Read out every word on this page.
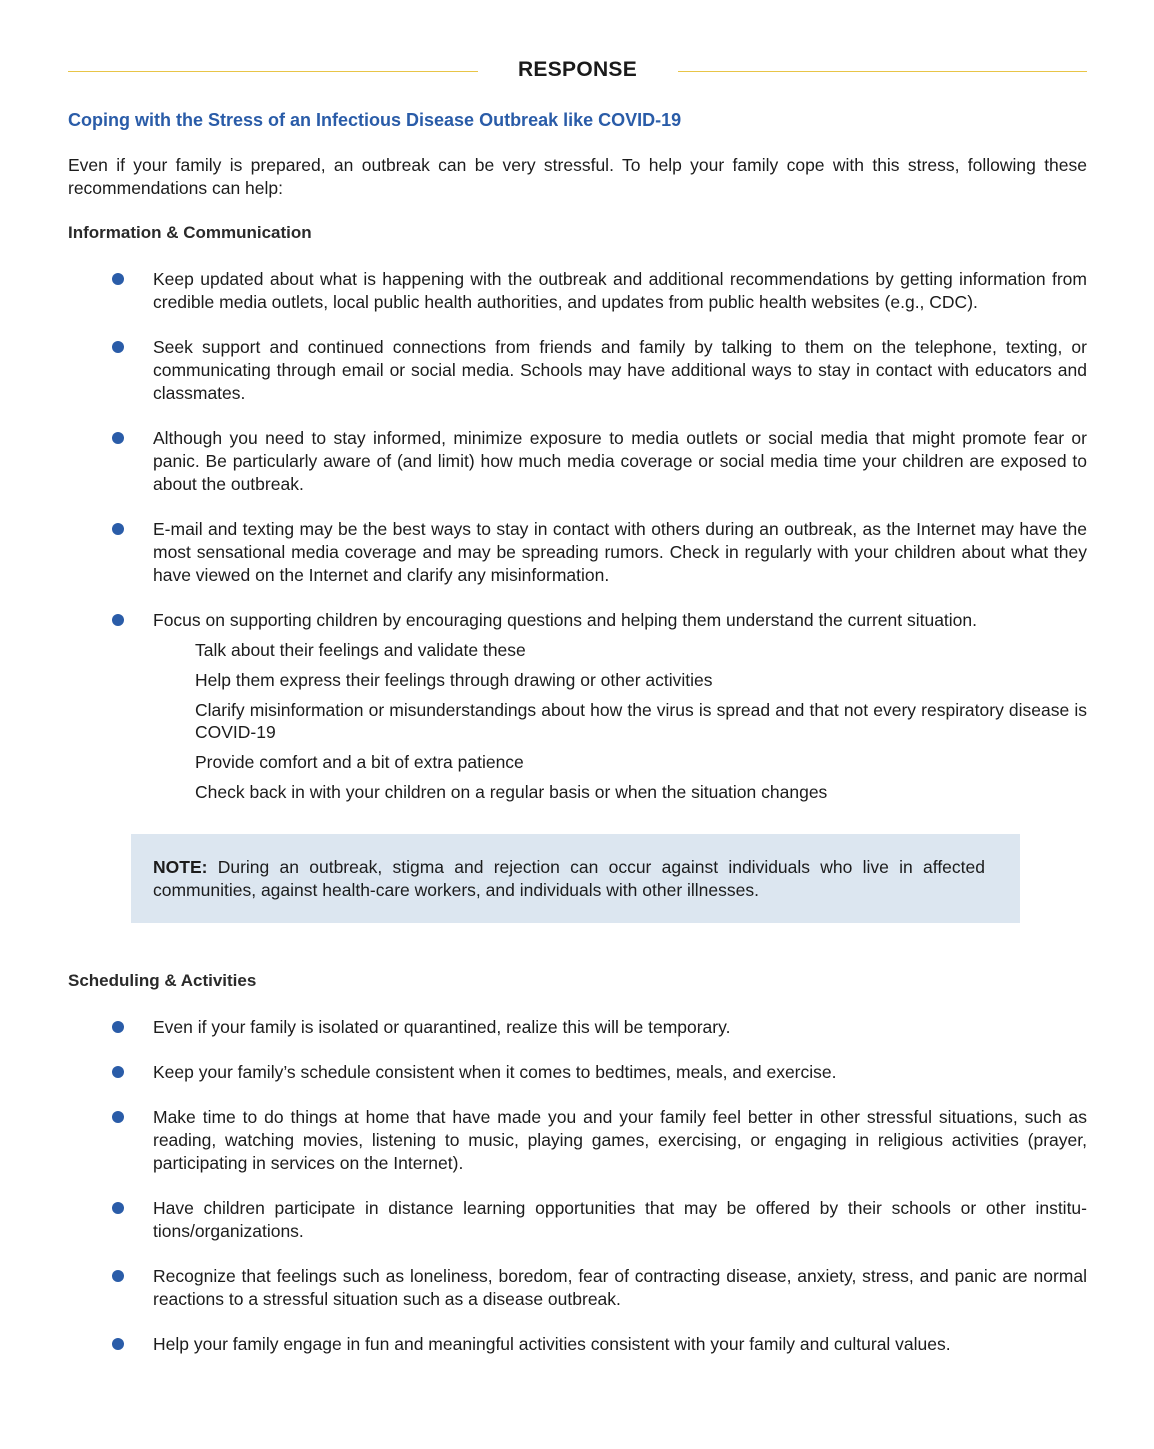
RESPONSE
Coping with the Stress of an Infectious Disease Outbreak like COVID-19
Even if your family is prepared, an outbreak can be very stressful. To help your family cope with this stress, following these recommendations can help:
Information & Communication
Keep updated about what is happening with the outbreak and additional recommendations by getting information from credible media outlets, local public health authorities, and updates from public health websites (e.g., CDC).
Seek support and continued connections from friends and family by talking to them on the telephone, texting, or communicating through email or social media. Schools may have additional ways to stay in contact with educators and classmates.
Although you need to stay informed, minimize exposure to media outlets or social media that might promote fear or panic. Be particularly aware of (and limit) how much media coverage or social media time your children are exposed to about the outbreak.
E-mail and texting may be the best ways to stay in contact with others during an outbreak, as the Internet may have the most sensational media coverage and may be spreading rumors. Check in regularly with your children about what they have viewed on the Internet and clarify any misinformation.
Focus on supporting children by encouraging questions and helping them understand the current situation.
Talk about their feelings and validate these
Help them express their feelings through drawing or other activities
Clarify misinformation or misunderstandings about how the virus is spread and that not every respiratory disease is COVID-19
Provide comfort and a bit of extra patience
Check back in with your children on a regular basis or when the situation changes
NOTE: During an outbreak, stigma and rejection can occur against individuals who live in affected communities, against health-care workers, and individuals with other illnesses.
Scheduling & Activities
Even if your family is isolated or quarantined, realize this will be temporary.
Keep your family’s schedule consistent when it comes to bedtimes, meals, and exercise.
Make time to do things at home that have made you and your family feel better in other stressful situations, such as reading, watching movies, listening to music, playing games, exercising, or engaging in religious activities (prayer, participating in services on the Internet).
Have children participate in distance learning opportunities that may be offered by their schools or other institu-tions/organizations.
Recognize that feelings such as loneliness, boredom, fear of contracting disease, anxiety, stress, and panic are normal reactions to a stressful situation such as a disease outbreak.
Help your family engage in fun and meaningful activities consistent with your family and cultural values.
